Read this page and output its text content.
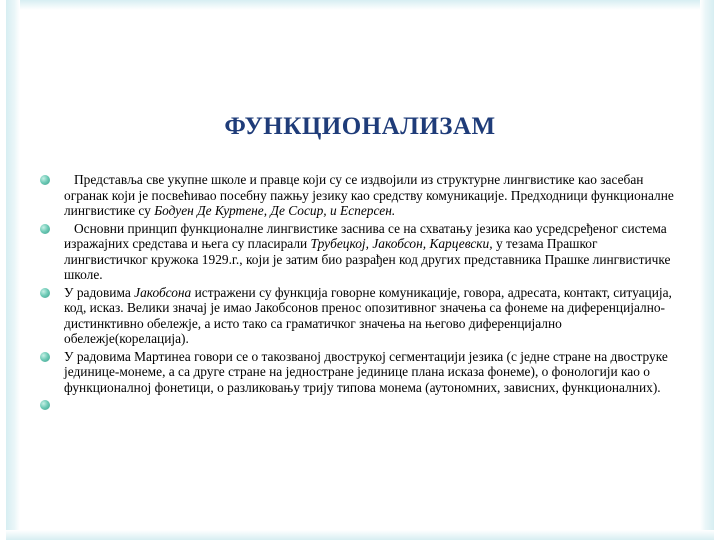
ФУНКЦИОНАЛИЗАМ
Представља све укупне школе и правце који су се издвојили из структурне лингвистике као засебан огранак који је посвећивао посебну пажњу језику као средству комуникације. Предходници функционалне лингвистике су Бодуен Де Куртене, Де Сосир, и Есперсен.
Основни принцип функционалне лингвистике заснива се на схватању језика као усредсређеног система изражајних средстава и њега су пласирали Трубецкој, Јакобсон, Карцевски, у тезама Прашког лингвистичког кружока 1929.г., који је затим био разрађен код других представника Прашке лингвистичке школе.
У радовима Јакобсона истражени су функција говорне комуникације, говора, адресата, контакт, ситуација, код, исказ. Велики значај је имао Јакобсонов пренос опозитивног значења са фонеме на диференцијално-дистинктивно обележје, а исто тако са граматичког значења на његово диференцијално обележје(корелација).
У радовима Мартинеа говори се о такозваној двострукој сегментацији језика (с једне стране на двоструке јединице-монеме, а са друге стране на једностране јединице плана исказа фонеме), о фонологији као о функционалној фонетици, о разликовању трију типова монема (аутономних, зависних, функционалних).
